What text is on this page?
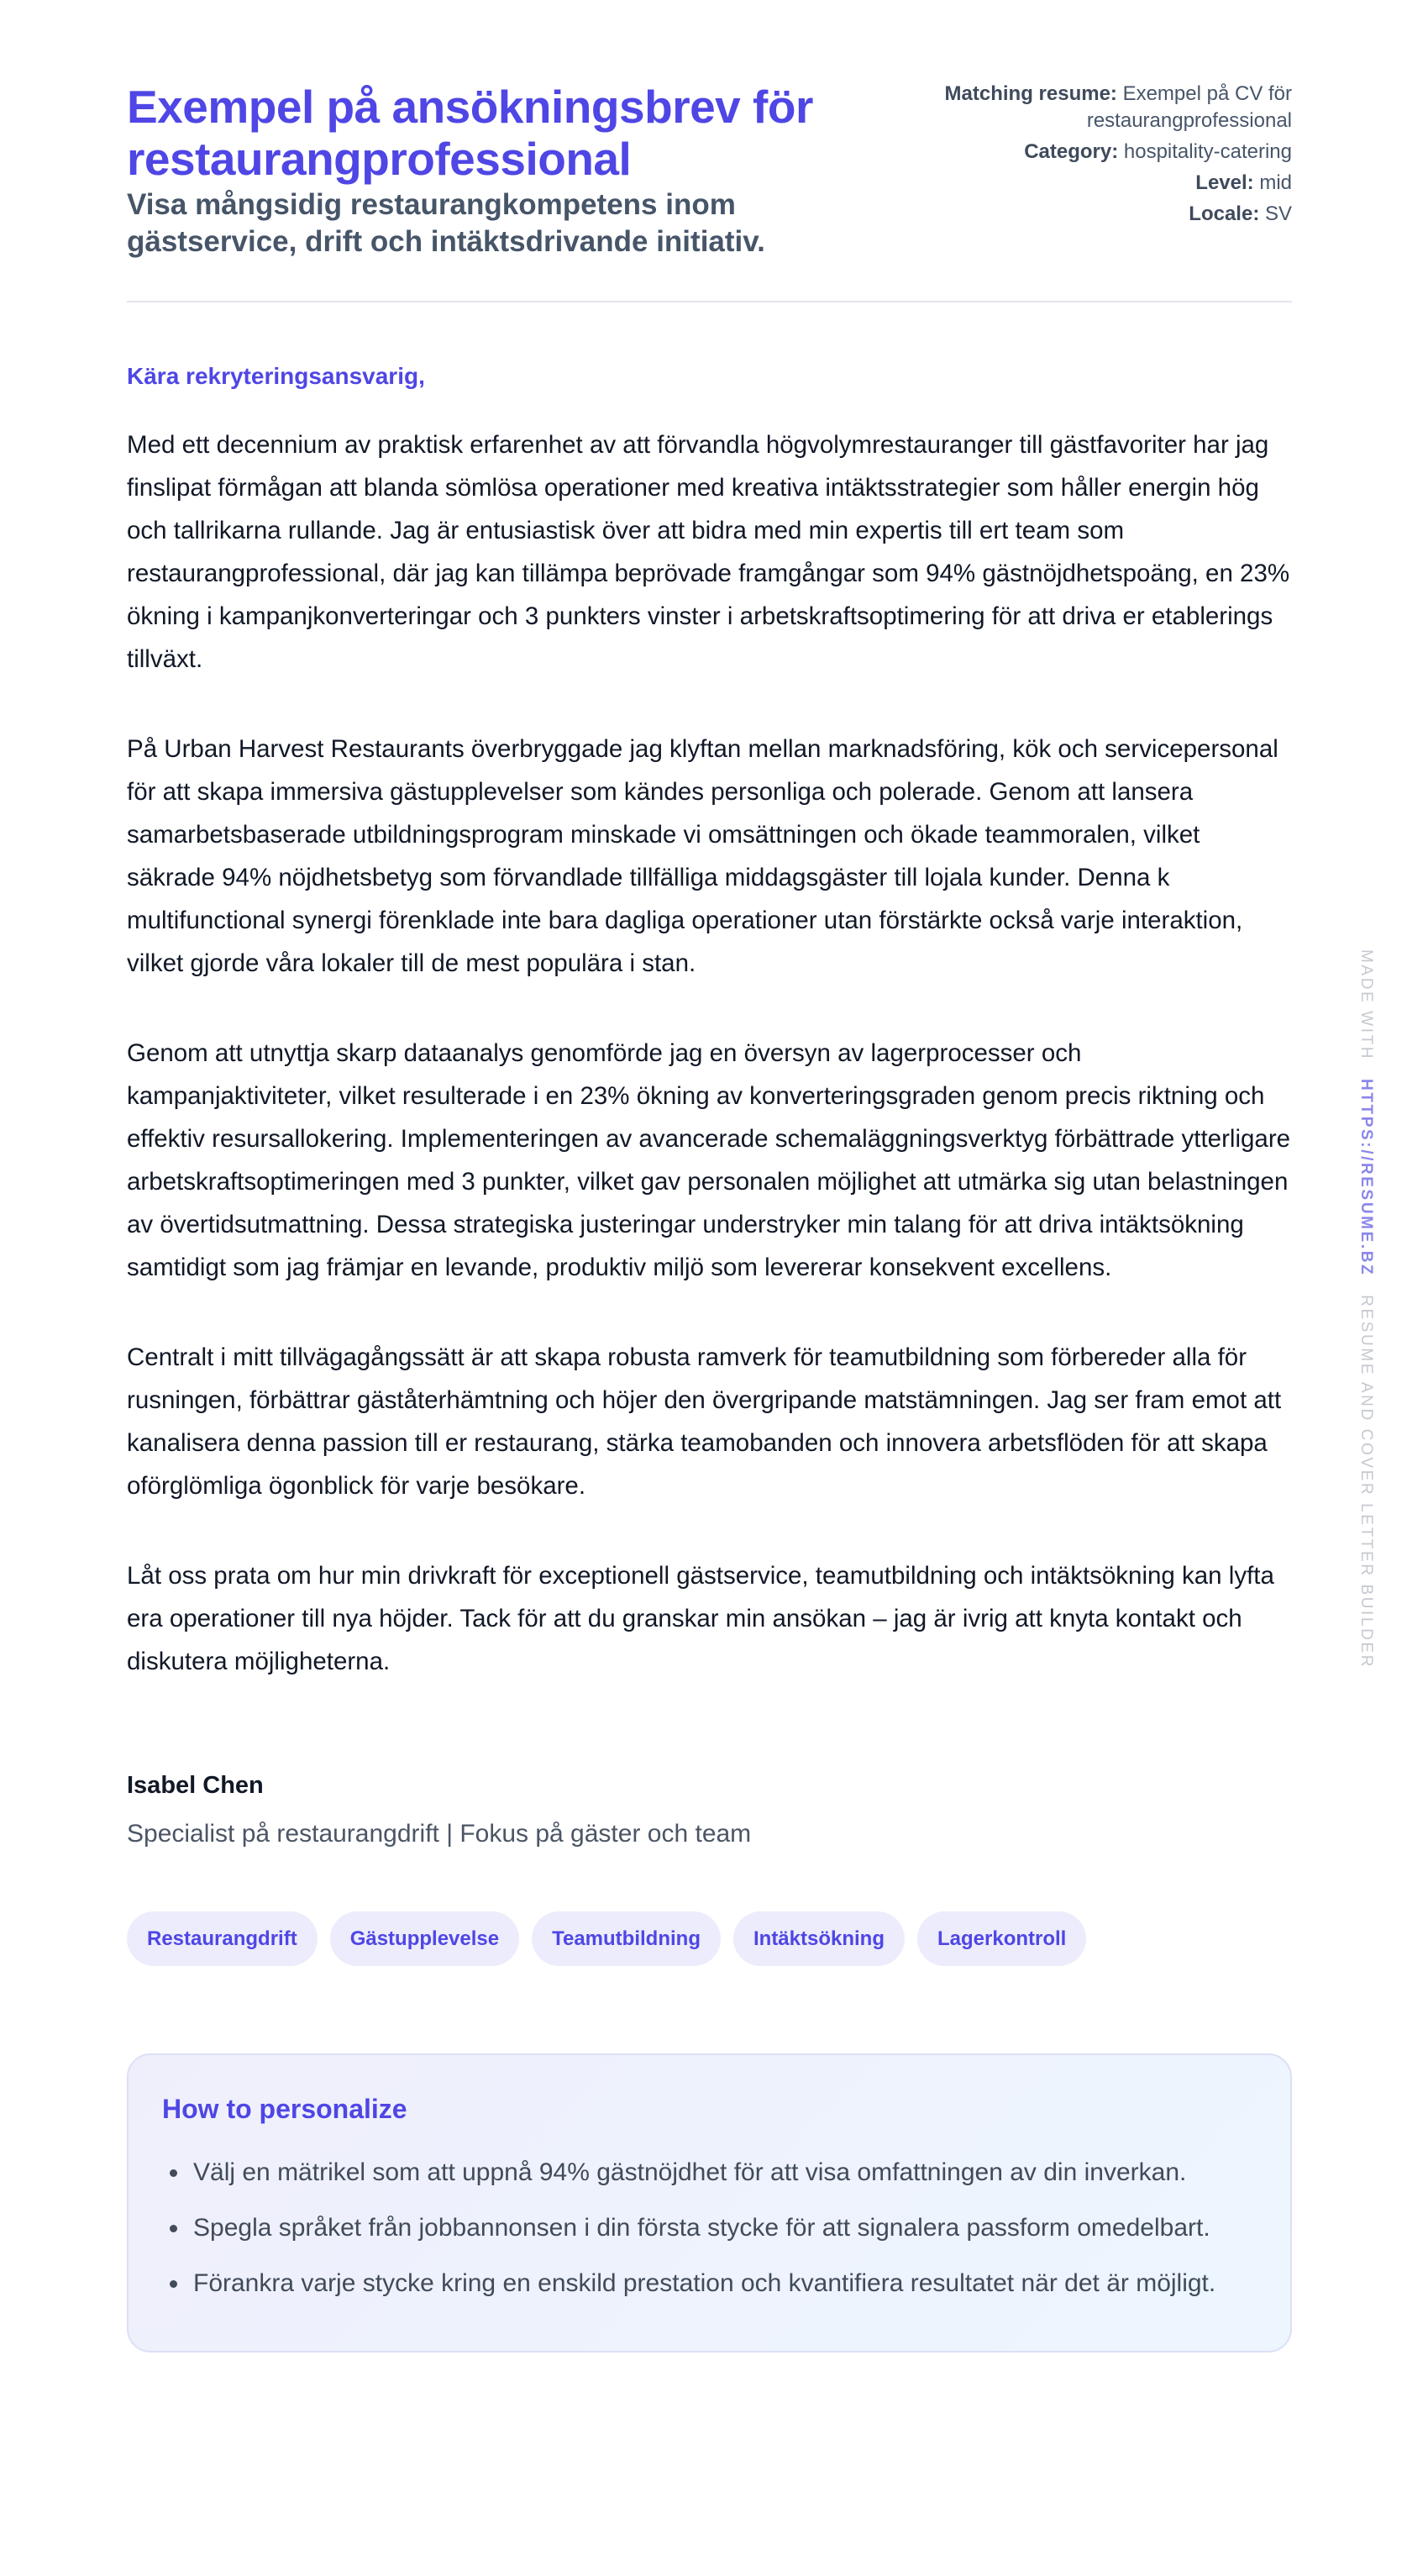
Exempel på ansökningsbrev för restaurangprofessional
Visa mångsidig restaurangkompetens inom gästservice, drift och intäktsdrivande initiativ.
Matching resume: Exempel på CV för restaurangprofessional
Category: hospitality-catering
Level: mid
Locale: SV
Kära rekryteringsansvarig,

Med ett decennium av praktisk erfarenhet av att förvandla högvolymrestauranger till gästfavoriter har jag finslipat förmågan att blanda sömlösa operationer med kreativa intäktsstrategier som håller energin hög och tallrikarna rullande. Jag är entusiastisk över att bidra med min expertis till ert team som restaurangprofessional, där jag kan tillämpa beprövade framgångar som 94% gästnöjdhetspoäng, en 23% ökning i kampanjkonverteringar och 3 punkters vinster i arbetskraftsoptimering för att driva er etablerings tillväxt.

På Urban Harvest Restaurants överbryggade jag klyftan mellan marknadsföring, kök och servicepersonal för att skapa immersiva gästupplevelser som kändes personliga och polerade. Genom att lansera samarbetsbaserade utbildningsprogram minskade vi omsättningen och ökade teammoralen, vilket säkrade 94% nöjdhetsbetyg som förvandlade tillfälliga middagsgäster till lojala kunder. Denna k multifunctional synergi förenklade inte bara dagliga operationer utan förstärkte också varje interaktion, vilket gjorde våra lokaler till de mest populära i stan.

Genom att utnyttja skarp dataanalys genomförde jag en översyn av lagerprocesser och kampanjaktiviteter, vilket resulterade i en 23% ökning av konverteringsgraden genom precis riktning och effektiv resursallokering. Implementeringen av avancerade schemaläggningsverktyg förbättrade ytterligare arbetskraftsoptimeringen med 3 punkter, vilket gav personalen möjlighet att utmärka sig utan belastningen av övertidsutmattning. Dessa strategiska justeringar understryker min talang för att driva intäktsökning samtidigt som jag främjar en levande, produktiv miljö som levererar konsekvent excellens.

Centralt i mitt tillvägagångssätt är att skapa robusta ramverk för teamutbildning som förbereder alla för rusningen, förbättrar gäståterhämtning och höjer den övergripande matstämningen. Jag ser fram emot att kanalisera denna passion till er restaurang, stärka teamobanden och innovera arbetsflöden för att skapa oförglömliga ögonblick för varje besökare.

Låt oss prata om hur min drivkraft för exceptionell gästservice, teamutbildning och intäktsökning kan lyfta era operationer till nya höjder. Tack för att du granskar min ansökan – jag är ivrig att knyta kontakt och diskutera möjligheterna.

Isabel Chen
Specialist på restaurangdrift | Fokus på gäster och team
Restaurangdrift	Gästupplevelse	Teamutbildning	Intäktsökning	Lagerkontroll
How to personalize
Välj en mätrikel som att uppnå 94% gästnöjdhet för att visa omfattningen av din inverkan.
Spegla språket från jobbannonsen i din första stycke för att signalera passform omedelbart.
Förankra varje stycke kring en enskild prestation och kvantifiera resultatet när det är möjligt.
MADE WITH HTTPS://RESUME.BZ RESUME AND COVER LETTER BUILDER
